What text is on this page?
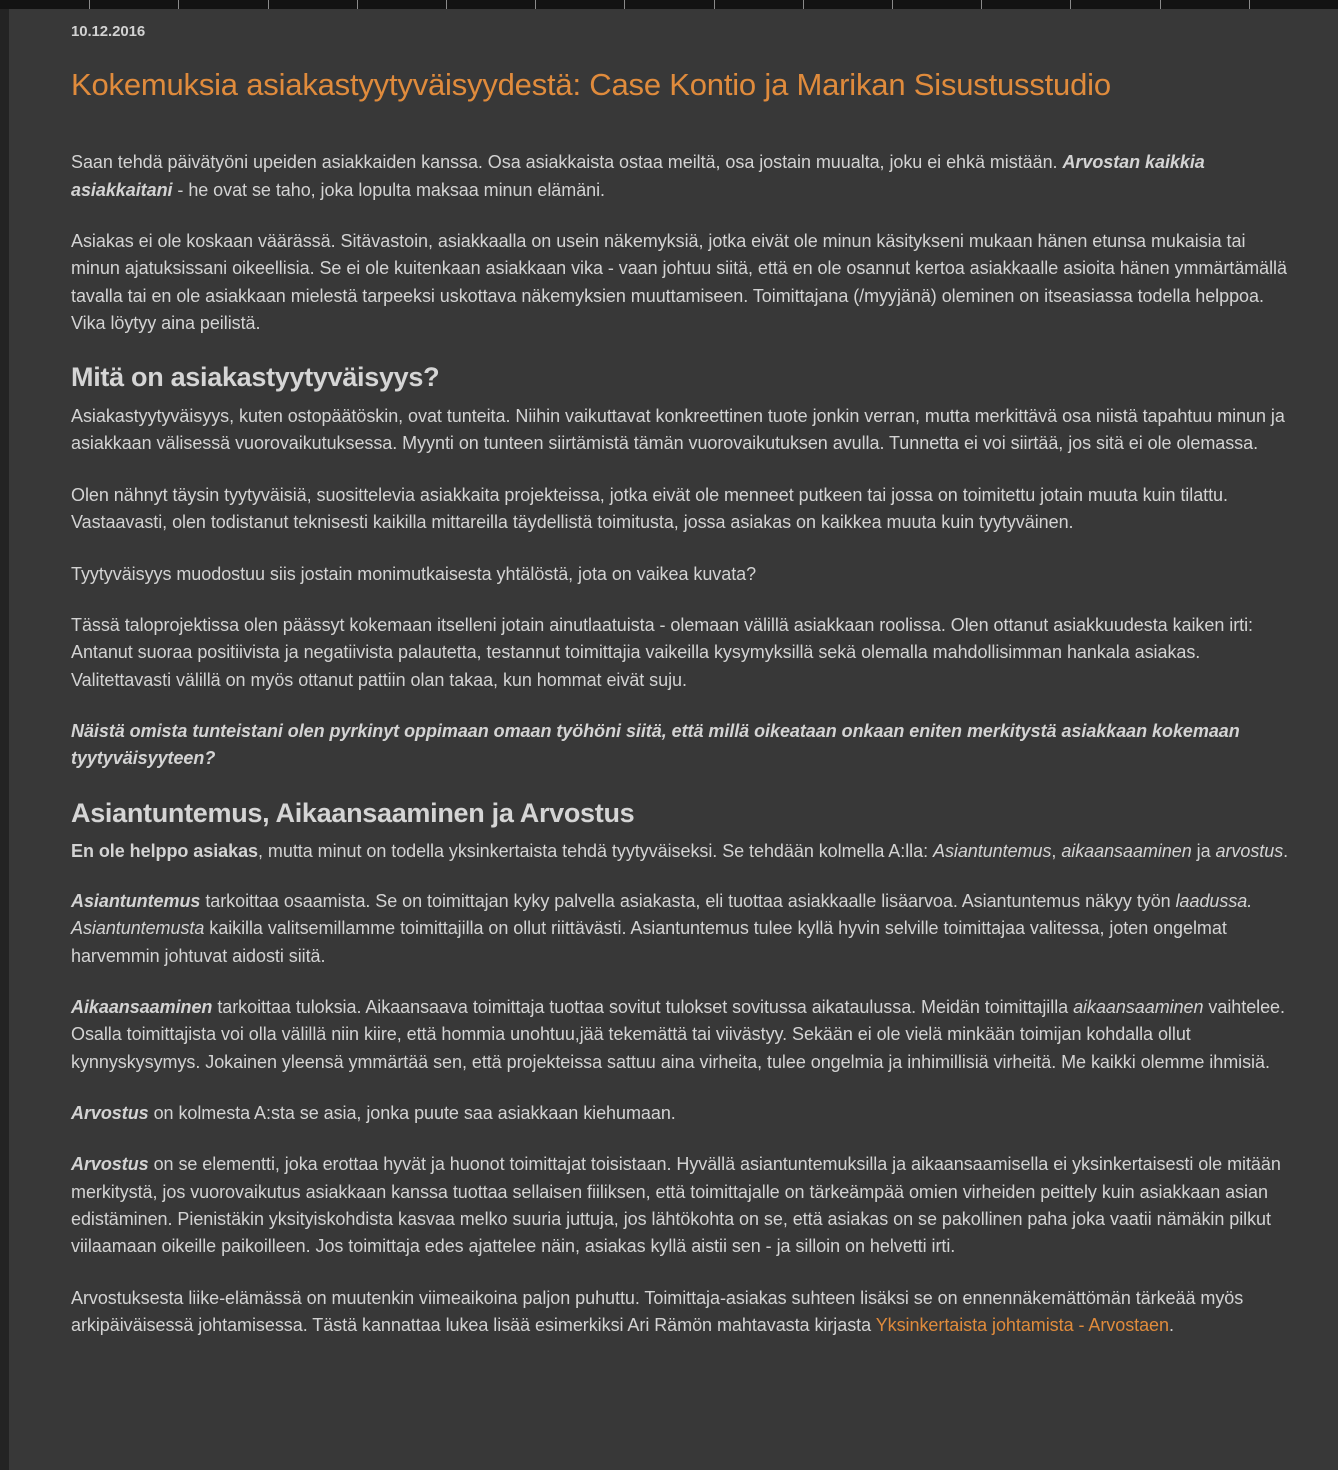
10.12.2016
Kokemuksia asiakastyytyväisyydestä: Case Kontio ja Marikan Sisustusstudio

Saan tehdä päivätyöni upeiden asiakkaiden kanssa. Osa asiakkaista ostaa meiltä, osa jostain muualta, joku ei ehkä mistään. Arvostan kaikkia asiakkaitani - he ovat se taho, joka lopulta maksaa minun elämäni.

Asiakas ei ole koskaan väärässä. Sitävastoin, asiakkaalla on usein näkemyksiä, jotka eivät ole minun käsitykseni mukaan hänen etunsa mukaisia tai minun ajatuksissani oikeellisia. Se ei ole kuitenkaan asiakkaan vika - vaan johtuu siitä, että en ole osannut kertoa asiakkaalle asioita hänen ymmärtämällä tavalla tai en ole asiakkaan mielestä tarpeeksi uskottava näkemyksien muuttamiseen. Toimittajana (/myyjänä) oleminen on itseasiassa todella helppoa. Vika löytyy aina peilistä.

Mitä on asiakastyytyväisyys?

Asiakastyytyväisyys, kuten ostopäätöskin, ovat tunteita. Niihin vaikuttavat konkreettinen tuote jonkin verran, mutta merkittävä osa niistä tapahtuu minun ja asiakkaan välisessä vuorovaikutuksessa. Myynti on tunteen siirtämistä tämän vuorovaikutuksen avulla. Tunnetta ei voi siirtää, jos sitä ei ole olemassa.

Olen nähnyt täysin tyytyväisiä, suosittelevia asiakkaita projekteissa, jotka eivät ole menneet putkeen tai jossa on toimitettu jotain muuta kuin tilattu. Vastaavasti, olen todistanut teknisesti kaikilla mittareilla täydellistä toimitusta, jossa asiakas on kaikkea muuta kuin tyytyväinen.

Tyytyväisyys muodostuu siis jostain monimutkaisesta yhtälöstä, jota on vaikea kuvata?

Tässä taloprojektissa olen päässyt kokemaan itselleni jotain ainutlaatuista - olemaan välillä asiakkaan roolissa. Olen ottanut asiakkuudesta kaiken irti: Antanut suoraa positiivista ja negatiivista palautetta, testannut toimittajia vaikeilla kysymyksillä sekä olemalla mahdollisimman hankala asiakas. Valitettavasti välillä on myös ottanut pattiin olan takaa, kun hommat eivät suju.

Näistä omista tunteistani olen pyrkinyt oppimaan omaan työhöni siitä, että millä oikeataan onkaan eniten merkitystä asiakkaan kokemaan tyytyväisyyteen?

Asiantuntemus, Aikaansaaminen ja Arvostus

En ole helppo asiakas, mutta minut on todella yksinkertaista tehdä tyytyväiseksi. Se tehdään kolmella A:lla: Asiantuntemus, aikaansaaminen ja arvostus.

Asiantuntemus tarkoittaa osaamista. Se on toimittajan kyky palvella asiakasta, eli tuottaa asiakkaalle lisäarvoa. Asiantuntemus näkyy työn laadussa. Asiantuntemusta kaikilla valitsemillamme toimittajilla on ollut riittävästi. Asiantuntemus tulee kyllä hyvin selville toimittajaa valitessa, joten ongelmat harvemmin johtuvat aidosti siitä.

Aikaansaaminen tarkoittaa tuloksia. Aikaansaava toimittaja tuottaa sovitut tulokset sovitussa aikataulussa. Meidän toimittajilla aikaansaaminen vaihtelee. Osalla toimittajista voi olla välillä niin kiire, että hommia unohtuu,jää tekemättä tai viivästyy. Sekään ei ole vielä minkään toimijan kohdalla ollut kynnyskysymys. Jokainen yleensä ymmärtää sen, että projekteissa sattuu aina virheita, tulee ongelmia ja inhimillisiä virheitä. Me kaikki olemme ihmisiä.

Arvostus on kolmesta A:sta se asia, jonka puute saa asiakkaan kiehumaan.

Arvostus on se elementti, joka erottaa hyvät ja huonot toimittajat toisistaan. Hyvällä asiantuntemuksilla ja aikaansaamisella ei yksinkertaisesti ole mitään merkitystä, jos vuorovaikutus asiakkaan kanssa tuottaa sellaisen fiiliksen, että toimittajalle on tärkeämpää omien virheiden peittely kuin asiakkaan asian edistäminen. Pienistäkin yksityiskohdista kasvaa melko suuria juttuja, jos lähtökohta on se, että asiakas on se pakollinen paha joka vaatii nämäkin pilkut viilaamaan oikeille paikoilleen. Jos toimittaja edes ajattelee näin, asiakas kyllä aistii sen - ja silloin on helvetti irti.

Arvostuksesta liike-elämässä on muutenkin viimeaikoina paljon puhuttu. Toimittaja-asiakas suhteen lisäksi se on ennennäkemättömän tärkeää myös arkipäiväisessä johtamisessa. Tästä kannattaa lukea lisää esimerkiksi Ari Rämön mahtavasta kirjasta Yksinkertaista johtamista - Arvostaen.
